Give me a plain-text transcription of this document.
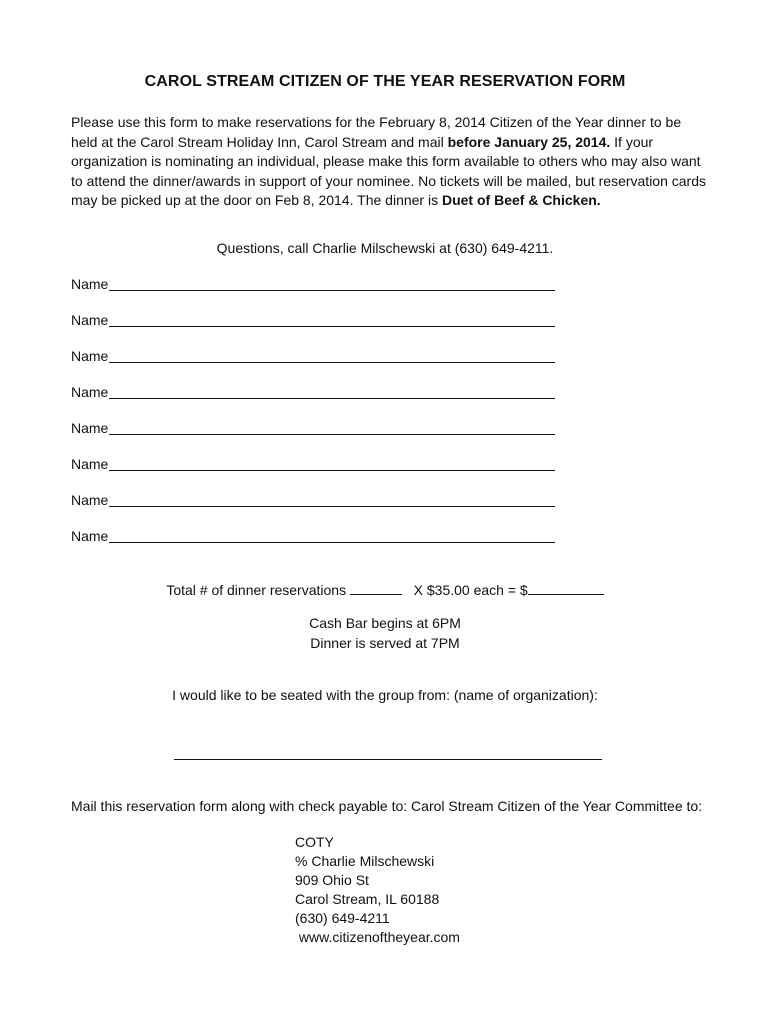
CAROL STREAM CITIZEN OF THE YEAR RESERVATION FORM
Please use this form to make reservations for the February 8, 2014 Citizen of the Year dinner to be held at the Carol Stream Holiday Inn, Carol Stream and mail before January 25, 2014. If your organization is nominating an individual, please make this form available to others who may also want to attend the dinner/awards in support of your nominee. No tickets will be mailed, but reservation cards may be picked up at the door on Feb 8, 2014. The dinner is Duet of Beef & Chicken.
Questions, call Charlie Milschewski at (630) 649-4211.
Name
Name
Name
Name
Name
Name
Name
Name
Total # of dinner reservations	X $35.00 each = $
Cash Bar begins at 6PM
Dinner is served at 7PM
I would like to be seated with the group from: (name of organization):
Mail this reservation form along with check payable to: Carol Stream Citizen of the Year Committee to:
COTY
% Charlie Milschewski
909 Ohio St
Carol Stream, IL 60188
(630) 649-4211
www.citizenoftheyear.com
